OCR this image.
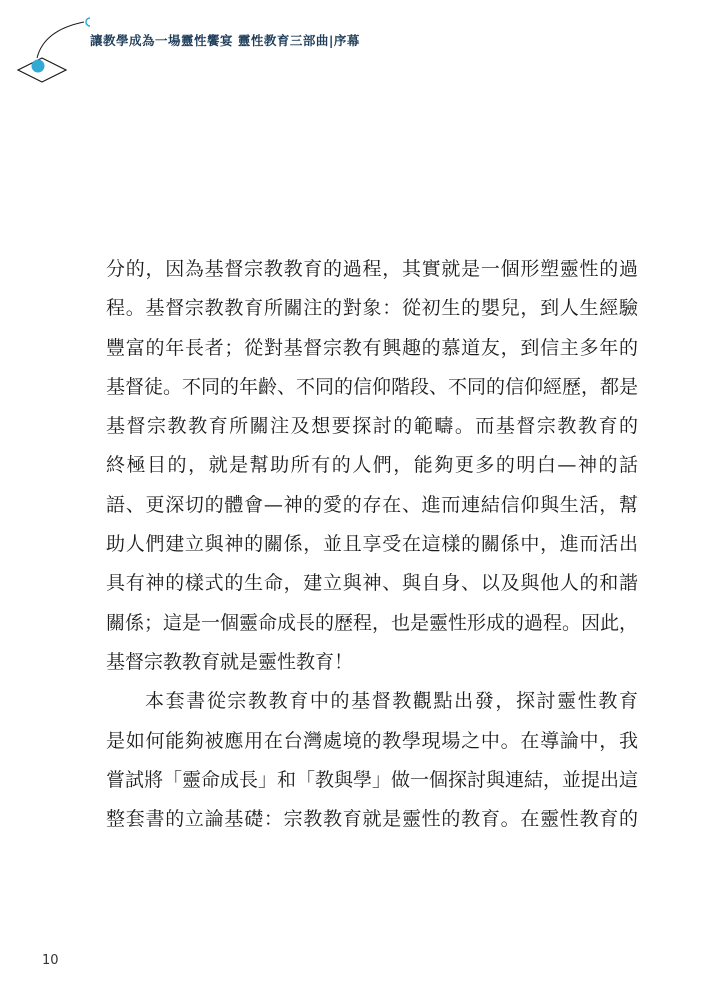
讓教學成為一場靈性饗宴 靈性教育三部曲|序幕
分的，因為基督宗教教育的過程，其實就是一個形塑靈性的過
程。基督宗教教育所關注的對象：從初生的嬰兒，到人生經驗
豐富的年長者；從對基督宗教有興趣的慕道友，到信主多年的
基督徒。不同的年齡、不同的信仰階段、不同的信仰經歷，都是
基督宗教教育所關注及想要探討的範疇。而基督宗教教育的
終極目的，就是幫助所有的人們，能夠更多的明白—神的話
語、更深切的體會—神的愛的存在、進而連結信仰與生活，幫
助人們建立與神的關係，並且享受在這樣的關係中，進而活出
具有神的樣式的生命，建立與神、與自身、以及與他人的和諧
關係；這是一個靈命成長的歷程，也是靈性形成的過程。因此，
基督宗教教育就是靈性教育！
本套書從宗教教育中的基督教觀點出發，探討靈性教育
是如何能夠被應用在台灣處境的教學現場之中。在導論中，我
嘗試將「靈命成長」和「教與學」做一個探討與連結，並提出這
整套書的立論基礎：宗教教育就是靈性的教育。在靈性教育的
10
